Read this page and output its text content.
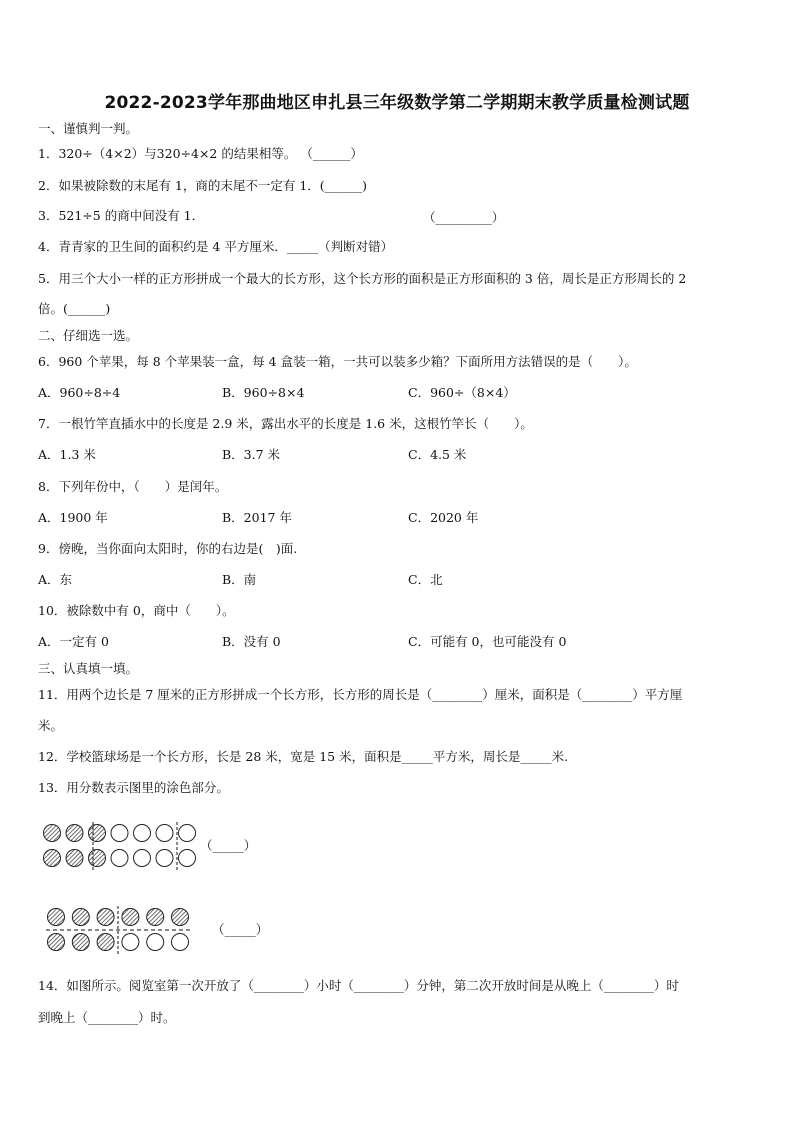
2022-2023学年那曲地区申扎县三年级数学第二学期期末教学质量检测试题
一、谨慎判一判。
1．320÷（4×2）与320÷4×2 的结果相等。 （______）
2．如果被除数的末尾有 1，商的末尾不一定有 1．(______)
3．521÷5 的商中间没有 1．	（_________）
4．青青家的卫生间的面积约是 4 平方厘米．_____（判断对错）
5．用三个大小一样的正方形拼成一个最大的长方形，这个长方形的面积是正方形面积的 3 倍，周长是正方形周长的 2
倍。(______)
二、仔细选一选。
6．960 个苹果，每 8 个苹果装一盒，每 4 盒装一箱，一共可以装多少箱？下面所用方法错误的是（　　）。
A．960÷8÷4	B．960÷8×4	C．960÷（8×4）
7．一根竹竿直插水中的长度是 2.9 米，露出水平的长度是 1.6 米，这根竹竿长（　　）。
A．1.3 米	B．3.7 米	C．4.5 米
8．下列年份中，（　　）是闰年。
A．1900 年	B．2017 年	C．2020 年
9．傍晚，当你面向太阳时，你的右边是(　)面.
A．东	B．南	C．北
10．被除数中有 0，商中（　　）。
A．一定有 0	B．没有 0	C．可能有 0，也可能没有 0
三、认真填一填。
11．用两个边长是 7 厘米的正方形拼成一个长方形，长方形的周长是（________）厘米，面积是（________）平方厘
米。
12．学校篮球场是一个长方形，长是 28 米，宽是 15 米，面积是_____平方米，周长是_____米.
13．用分数表示图里的涂色部分。
（_____）
（_____）
14．如图所示。阅览室第一次开放了（________）小时（________）分钟，第二次开放时间是从晚上（________）时
到晚上（________）时。
